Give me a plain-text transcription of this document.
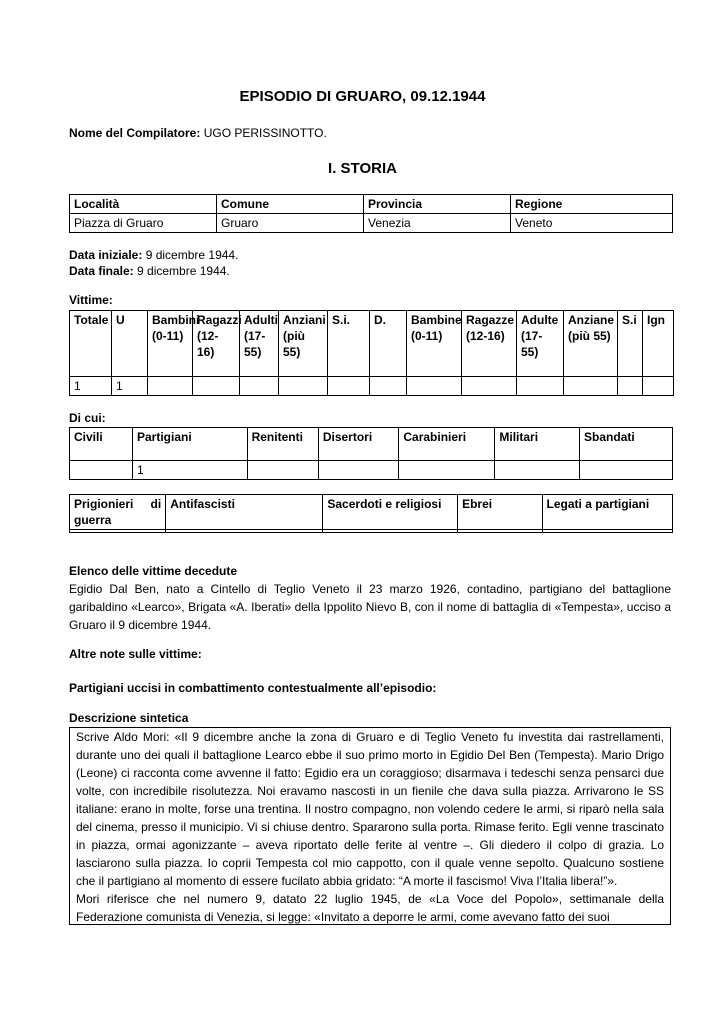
EPISODIO DI GRUARO, 09.12.1944
Nome del Compilatore: UGO PERISSINOTTO.
I. STORIA
Località	Comune	Provincia	Regione
Piazza di Gruaro	Gruaro	Venezia	Veneto
Data iniziale: 9 dicembre 1944.
Data finale: 9 dicembre 1944.
Vittime:
Totale	U	Bambini (0-11)	Ragazzi (12-16)	Adulti (17-55)	Anziani (più 55)	S.i.	D.	Bambine (0-11)	Ragazze (12-16)	Adulte (17-55)	Anziane (più 55)	S.i	Ign
1	1												
Di cui:
Civili	Partigiani	Renitenti	Disertori	Carabinieri	Militari	Sbandati
	1					
Prigionieri di guerra	Antifascisti	Sacerdoti e religiosi	Ebrei	Legati a partigiani

Elenco delle vittime decedute
Egidio Dal Ben, nato a Cintello di Teglio Veneto il 23 marzo 1926, contadino, partigiano del battaglione garibaldino «Learco», Brigata «A. Iberati» della Ippolito Nievo B, con il nome di battaglia di «Tempesta», ucciso a Gruaro il 9 dicembre 1944.
Altre note sulle vittime:
Partigiani uccisi in combattimento contestualmente all’episodio:
Descrizione sintetica

Scrive Aldo Mori: «Il 9 dicembre anche la zona di Gruaro e di Teglio Veneto fu investita dai rastrellamenti, durante uno dei quali il battaglione Learco ebbe il suo primo morto in Egidio Del Ben (Tempesta). Mario Drigo (Leone) ci racconta come avvenne il fatto: Egidio era un coraggioso; disarmava i tedeschi senza pensarci due volte, con incredibile risolutezza. Noi eravamo nascosti in un fienile che dava sulla piazza. Arrivarono le SS italiane: erano in molte, forse una trentina. Il nostro compagno, non volendo cedere le armi, si riparò nella sala del cinema, presso il municipio. Vi si chiuse dentro. Spararono sulla porta. Rimase ferito. Egli venne trascinato in piazza, ormai agonizzante – aveva riportato delle ferite al ventre –. Gli diedero il colpo di grazia. Lo lasciarono sulla piazza. Io coprii Tempesta col mio cappotto, con il quale venne sepolto. Qualcuno sostiene che il partigiano al momento di essere fucilato abbia gridato: “A morte il fascismo! Viva l’Italia libera!”».

Mori riferisce che nel numero 9, datato 22 luglio 1945, de «La Voce del Popolo», settimanale della Federazione comunista di Venezia, si legge: «Invitato a deporre le armi, come avevano fatto dei suoi
